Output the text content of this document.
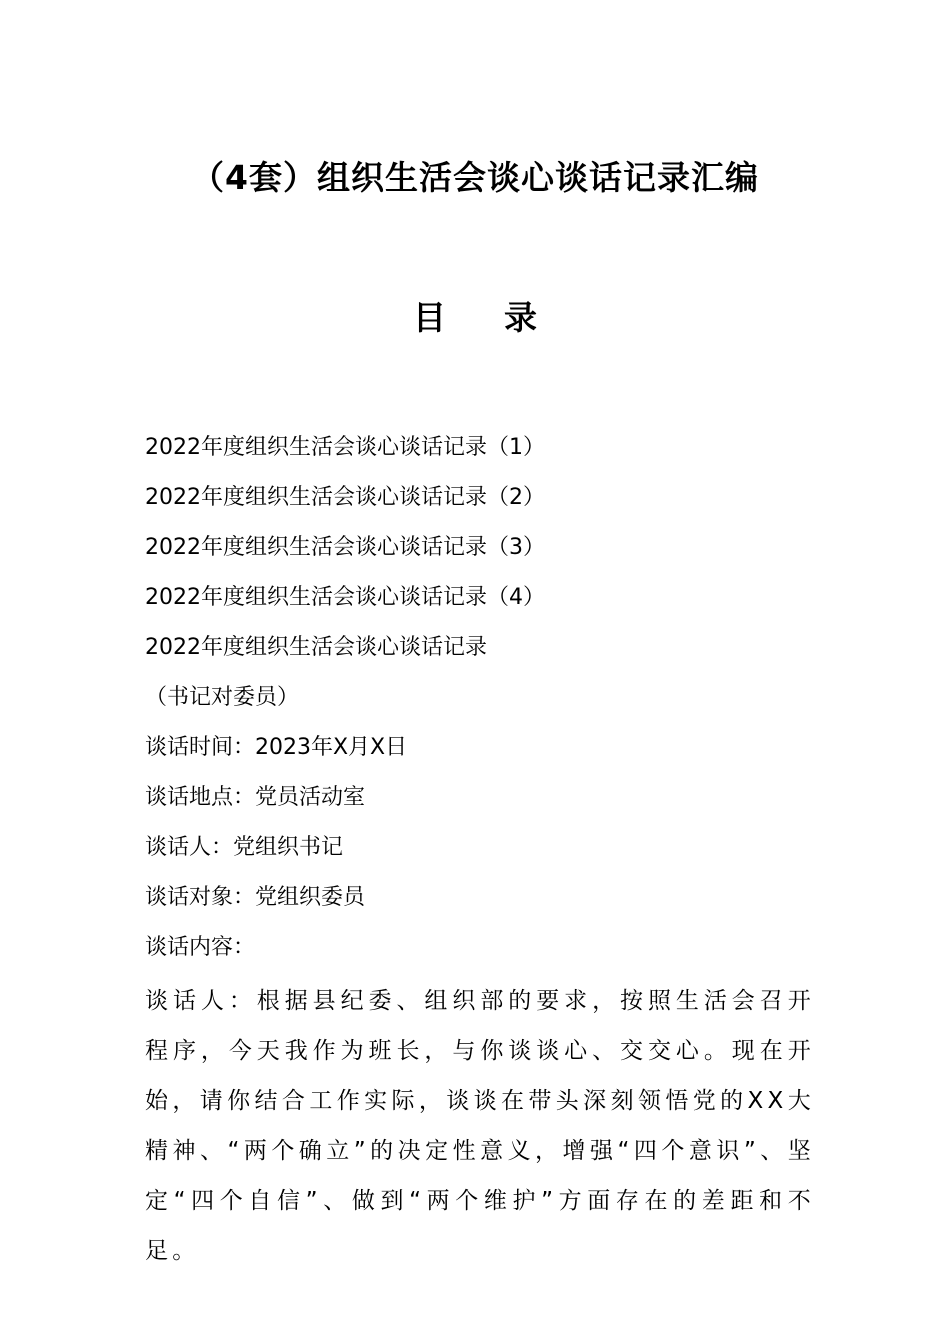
（4套）组织生活会谈心谈话记录汇编
目 录
2022年度组织生活会谈心谈话记录（1）
2022年度组织生活会谈心谈话记录（2）
2022年度组织生活会谈心谈话记录（3）
2022年度组织生活会谈心谈话记录（4）
2022年度组织生活会谈心谈话记录
（书记对委员）
谈话时间：2023年X月X日
谈话地点：党员活动室
谈话人：党组织书记
谈话对象：党组织委员
谈话内容：
谈话人：根据县纪委、组织部的要求，按照生活会召开程序，今天我作为班长，与你谈谈心、交交心。现在开始，请你结合工作实际，谈谈在带头深刻领悟党的XX大精神、“两个确立”的决定性意义，增强“四个意识”、坚定“四个自信”、做到“两个维护”方面存在的差距和不足。
